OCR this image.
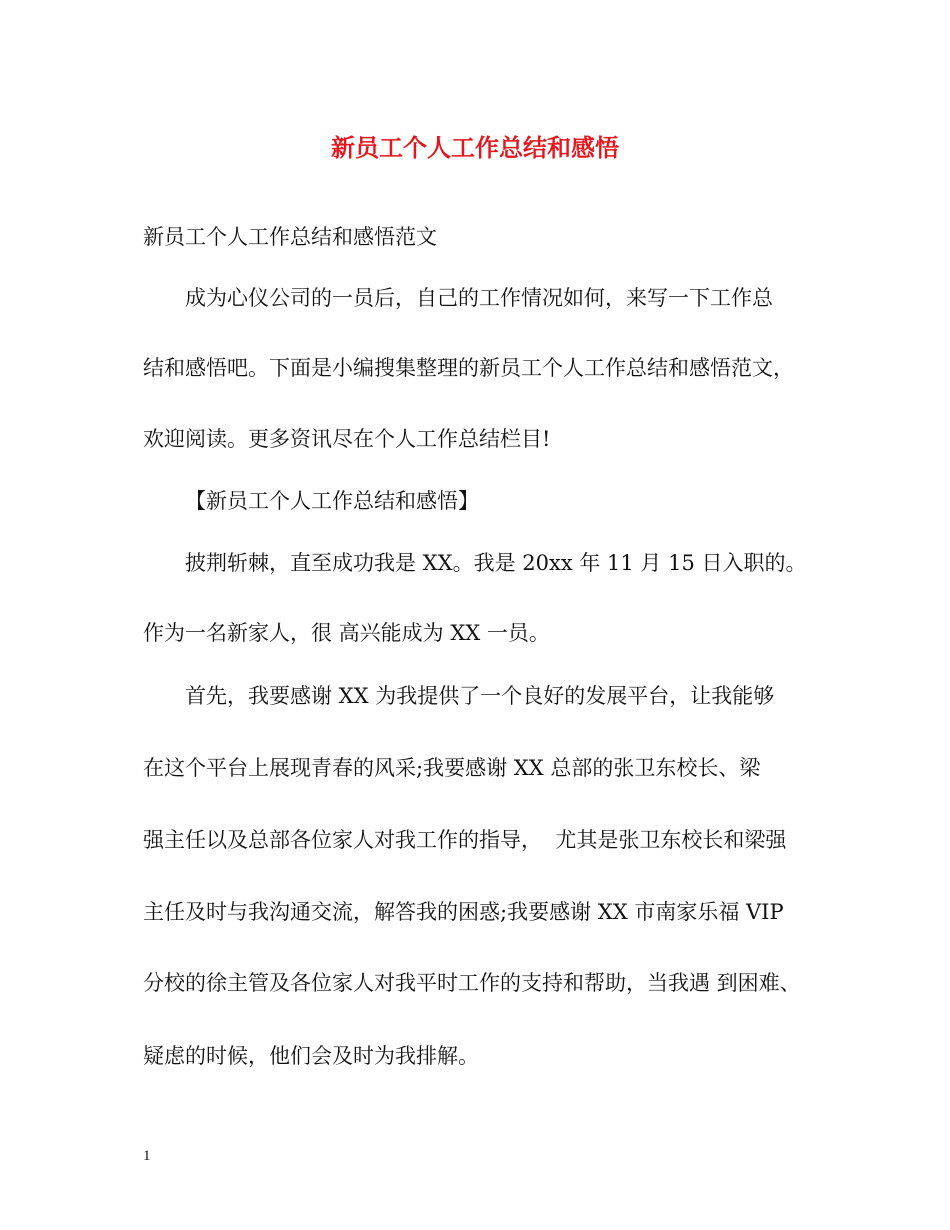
新员工个人工作总结和感悟
新员工个人工作总结和感悟范文
成为心仪公司的一员后，自己的工作情况如何，来写一下工作总
结和感悟吧。下面是小编搜集整理的新员工个人工作总结和感悟范文，
欢迎阅读。更多资讯尽在个人工作总结栏目!
【新员工个人工作总结和感悟】
披荆斩棘，直至成功我是 XX。我是 20xx 年 11 月 15 日入职的。
作为一名新家人，很 高兴能成为 XX 一员。
首先，我要感谢 XX 为我提供了一个良好的发展平台，让我能够
在这个平台上展现青春的风采;我要感谢 XX 总部的张卫东校长、梁
强主任以及总部各位家人对我工作的指导，  尤其是张卫东校长和梁强
主任及时与我沟通交流，解答我的困惑;我要感谢 XX 市南家乐福 VIP
分校的徐主管及各位家人对我平时工作的支持和帮助，当我遇 到困难、
疑虑的时候，他们会及时为我排解。
1
